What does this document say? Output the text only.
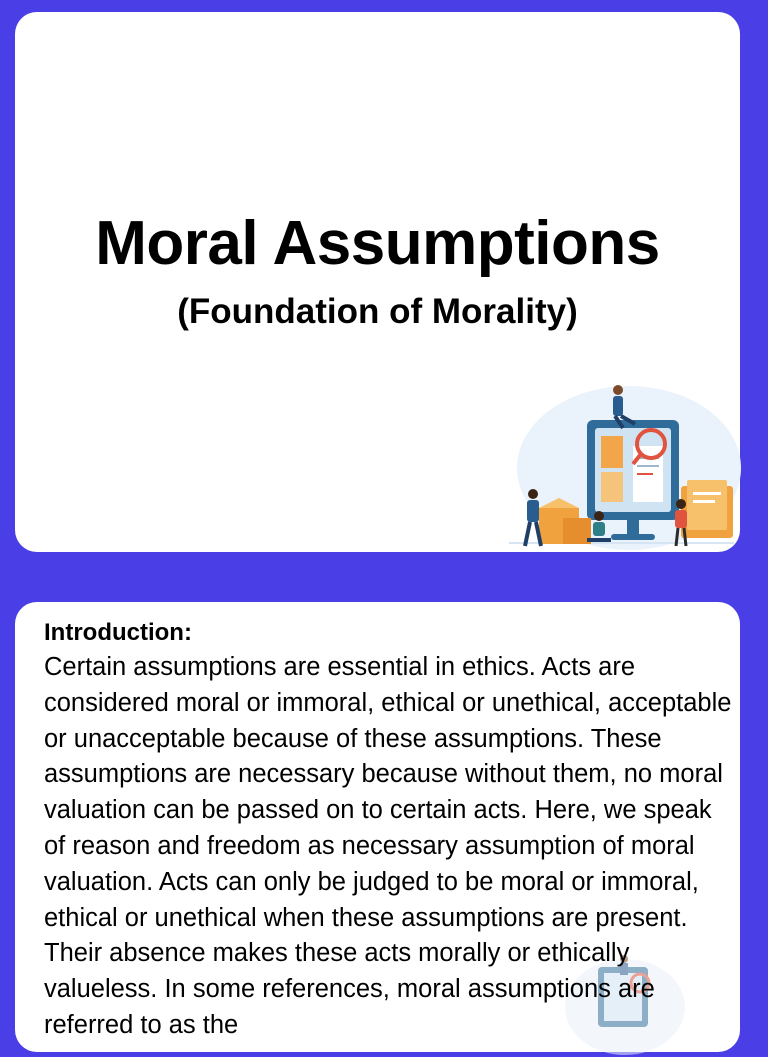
Moral Assumptions
(Foundation of Morality)
Introduction:

Certain assumptions are essential in ethics. Acts are considered moral or immoral, ethical or unethical, acceptable or unacceptable because of these assumptions. These assumptions are necessary because without them, no moral valuation can be passed on to certain acts. Here, we speak of reason and freedom as necessary assumption of moral valuation. Acts can only be judged to be moral or immoral, ethical or unethical when these assumptions are present. Their absence makes these acts morally or ethically valueless. In some references, moral assumptions are referred to as the
